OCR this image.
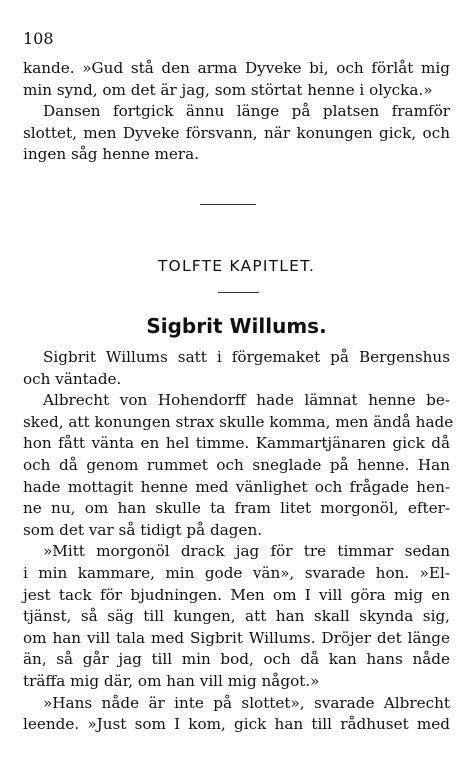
108
kande. »Gud stå den arma Dyveke bi, och förlåt mig
min synd, om det är jag, som störtat henne i olycka.»
Dansen fortgick ännu länge på platsen framför
slottet, men Dyveke försvann, när konungen gick, och
ingen såg henne mera.
TOLFTE KAPITLET.
Sigbrit Willums.
Sigbrit Willums satt i förgemaket på Bergenshus
och väntade.
Albrecht von Hohendorff hade lämnat henne be-
sked, att konungen strax skulle komma, men ändå hade
hon fått vänta en hel timme. Kammartjänaren gick då
och då genom rummet och sneglade på henne. Han
hade mottagit henne med vänlighet och frågade hen-
ne nu, om han skulle ta fram litet morgonöl, efter-
som det var så tidigt på dagen.
»Mitt morgonöl drack jag för tre timmar sedan
i min kammare, min gode vän», svarade hon. »El-
jest tack för bjudningen. Men om I vill göra mig en
tjänst, så säg till kungen, att han skall skynda sig,
om han vill tala med Sigbrit Willums. Dröjer det länge
än, så går jag till min bod, och då kan hans nåde
träffa mig där, om han vill mig något.»
»Hans nåde är inte på slottet», svarade Albrecht
leende. »Just som I kom, gick han till rådhuset med
